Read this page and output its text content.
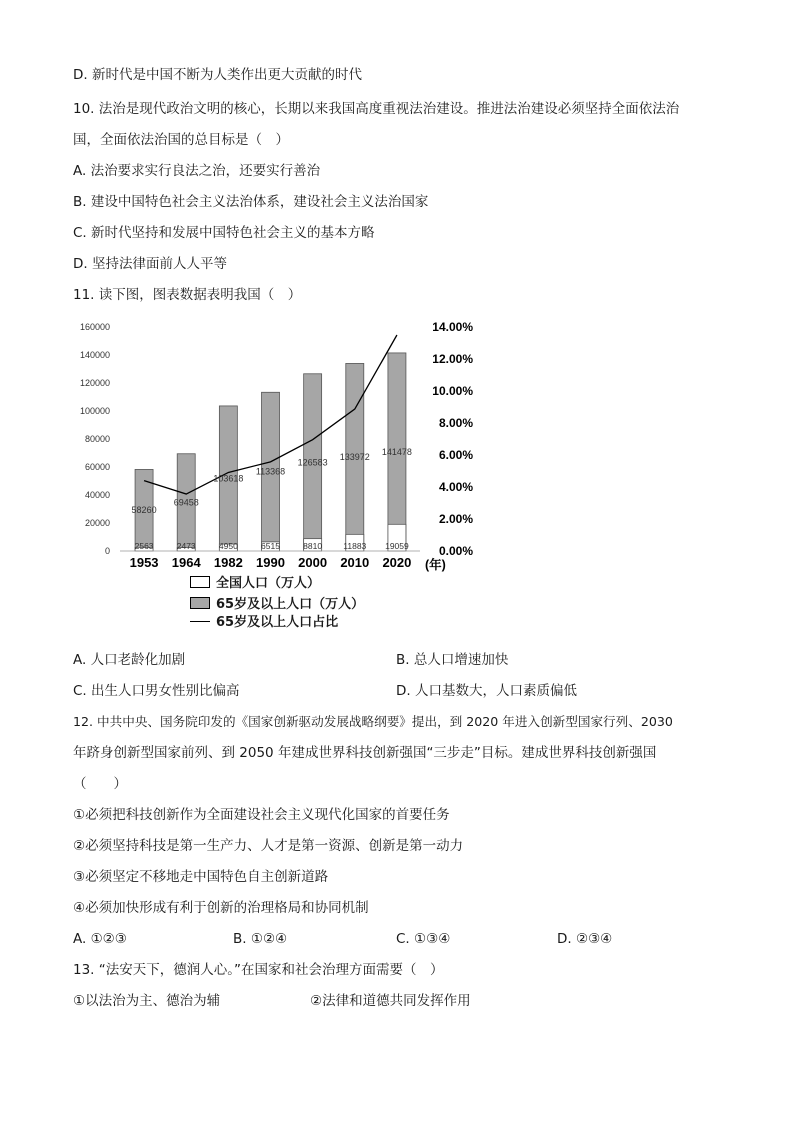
D. 新时代是中国不断为人类作出更大贡献的时代
10. 法治是现代政治文明的核心，长期以来我国高度重视法治建设。推进法治建设必须坚持全面依法治
国，全面依法治国的总目标是（　）
A. 法治要求实行良法之治，还要实行善治
B. 建设中国特色社会主义法治体系，建设社会主义法治国家
C. 新时代坚持和发展中国特色社会主义的基本方略
D. 坚持法律面前人人平等
11. 读下图，图表数据表明我国（　）
0
20000
40000
60000
80000
100000
120000
140000
160000
0.00%
2.00%
4.00%
6.00%
8.00%
10.00%
12.00%
14.00%
58260
2563
69458
2473
103618
4950
113368
6515
126583
8810
133972
11883
141478
19059
1953 1964 1982 1990 2000 2010 2020 (年)
全国人口（万人）
65岁及以上人口（万人）
65岁及以上人口占比
A. 人口老龄化加剧	B. 总人口增速加快
C. 出生人口男女性别比偏高	D. 人口基数大，人口素质偏低
12. 中共中央、国务院印发的《国家创新驱动发展战略纲要》提出，到 2020 年进入创新型国家行列、2030
年跻身创新型国家前列、到 2050 年建成世界科技创新强国“三步走”目标。建成世界科技创新强国
（　　）
①必须把科技创新作为全面建设社会主义现代化国家的首要任务
②必须坚持科技是第一生产力、人才是第一资源、创新是第一动力
③必须坚定不移地走中国特色自主创新道路
④必须加快形成有利于创新的治理格局和协同机制
A. ①②③	B. ①②④	C. ①③④	D. ②③④
13. “法安天下，德润人心。”在国家和社会治理方面需要（　）
①以法治为主、德治为辅	②法律和道德共同发挥作用
